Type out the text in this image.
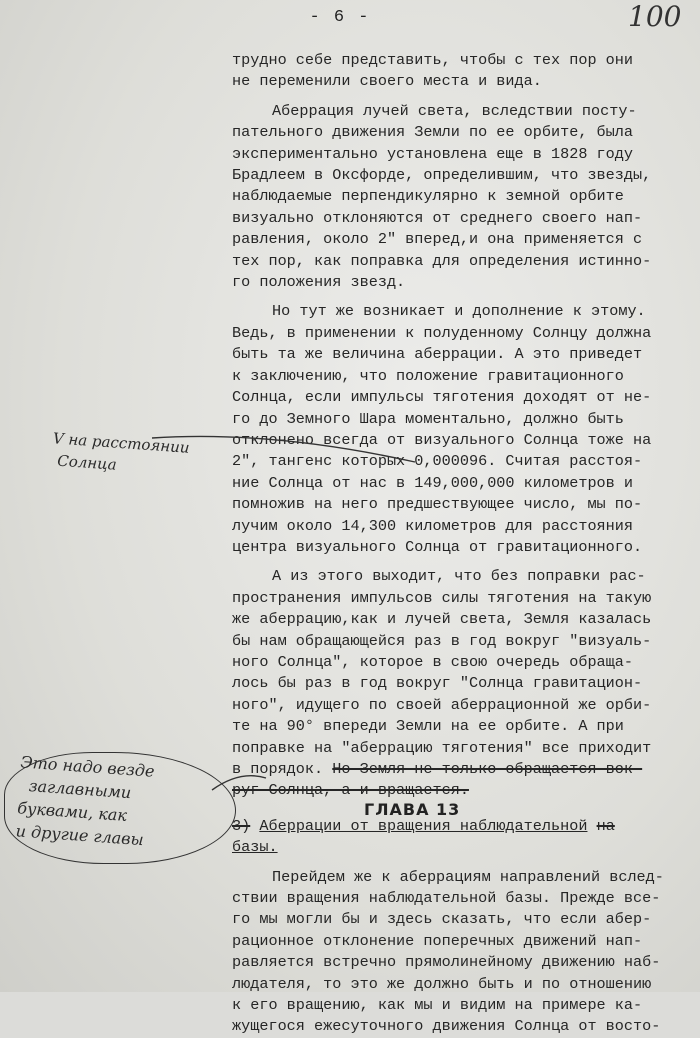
- 6 -	100
трудно себе представить, чтобы с тех пор они
не переменили своего места и вида.
Аберрация лучей света, вследствии посту-
пательного движения Земли по ее орбите, была
экспериментально установлена еще в 1828 году
Брадлеем в Оксфорде, определившим, что звезды,
наблюдаемые перпендикулярно к земной орбите
визуально отклоняются от среднего своего нап-
равления, около 2" вперед,и она применяется с
тех пор, как поправка для определения истинно-
го положения звезд.
Но тут же возникает и дополнение к этому.
Ведь, в применении к полуденному Солнцу должна
быть та же величина аберрации. А это приведет
к заключению, что положение гравитационного
Солнца, если импульсы тяготения доходят от не-
го до Земного Шара моментально, должно быть
отклонено всегда от визуального Солнца тоже на
2", тангенс которых 0,000096. Считая расстоя-
ние Солнца от нас в 149,000,000 километров и
помножив на него предшествующее число, мы по-
лучим около 14,300 километров для расстояния
центра визуального Солнца от гравитационного.
А из этого выходит, что без поправки рас-
пространения импульсов силы тяготения на такую
же аберрацию,как и лучей света, Земля казалась
бы нам обращающейся раз в год вокруг "визуаль-
ного Солнца", которое в свою очередь обраща-
лось бы раз в год вокруг "Солнца гравитацион-
ного", идущего по своей аберрационной же орби-
те на 90° впереди Земли на ее орбите. А при
поправке на "аберрацию тяготения" все приходит
в порядок. Но Земля не только обращается вок-
руг Солнца, а и вращается.
ГЛАВА 13
3) Аберрации от вращения наблюдательной на
базы.
Перейдем же к аберрациям направлений вслед-
ствии вращения наблюдательной базы. Прежде все-
го мы могли бы и здесь сказать, что если абер-
рационное отклонение поперечных движений нап-
равляется встречно прямолинейному движению наб-
людателя, то это же должно быть и по отношению
к его вращению, как мы и видим на примере ка-
жущегося ежесуточного движения Солнца от восто-
V на расстоянии
Солнца
Это надо везде
заглавными
буквами, как
и другие главы
